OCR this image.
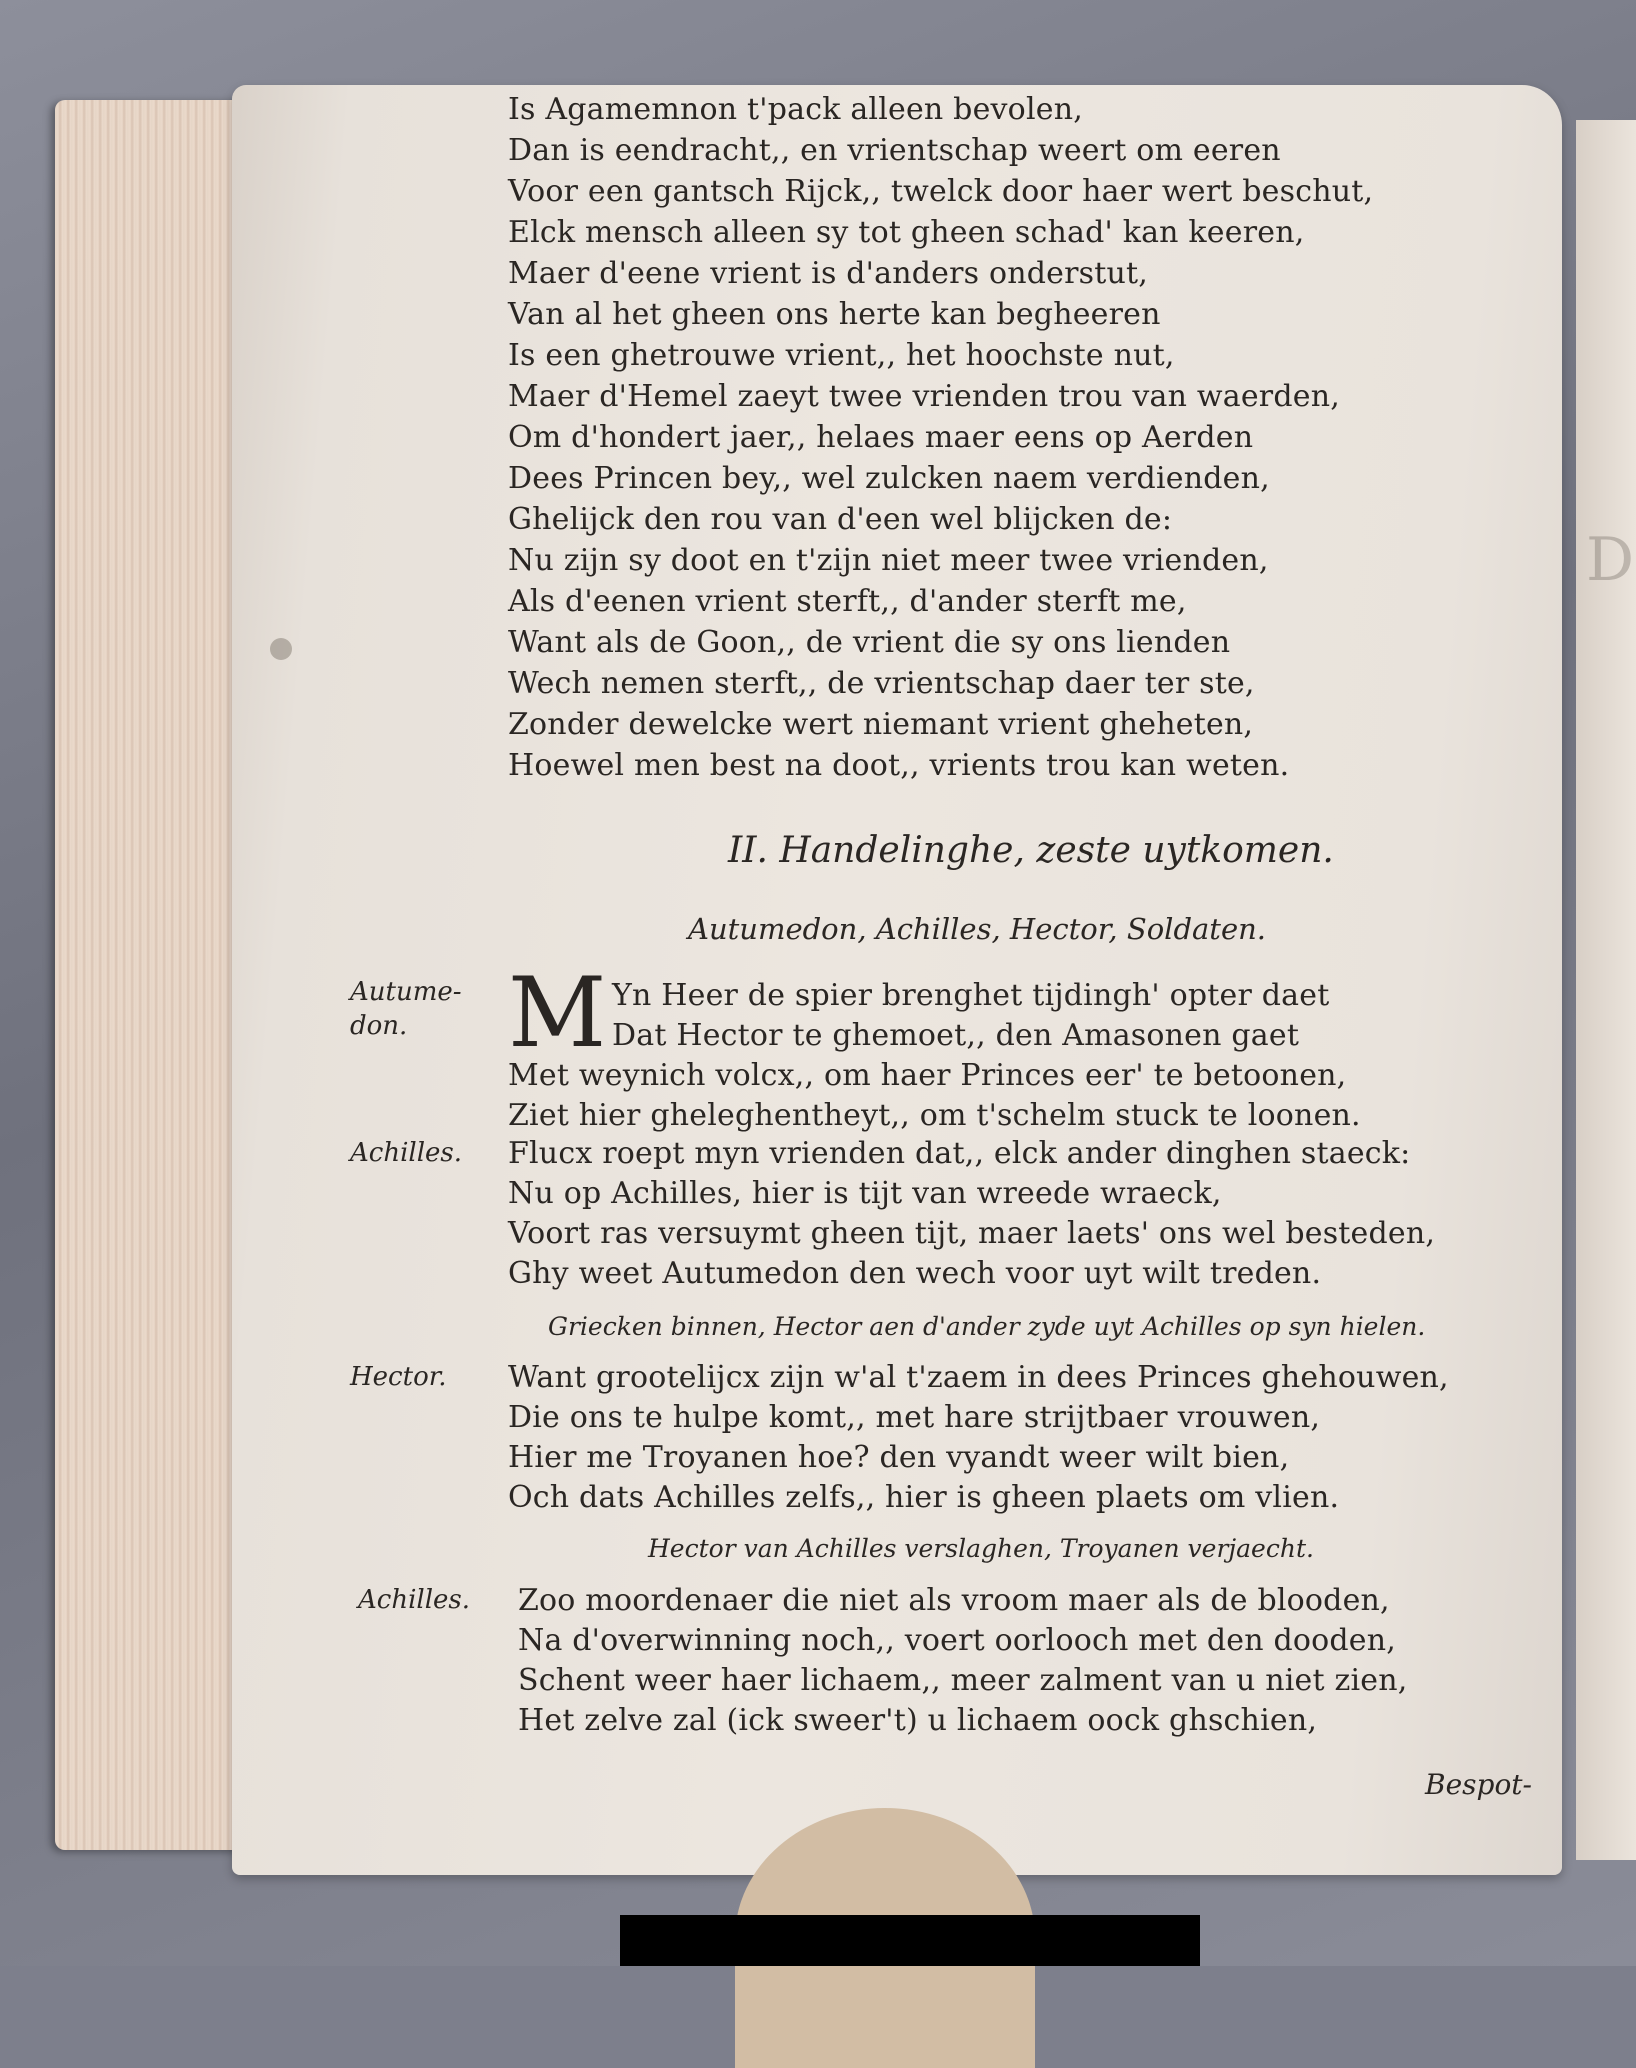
D
Is Agamemnon t'pack alleen bevolen,
Dan is eendracht,, en vrientschap weert om eeren
Voor een gantsch Rijck,, twelck door haer wert beschut,
Elck mensch alleen sy tot gheen schad' kan keeren,
Maer d'eene vrient is d'anders onderstut,
Van al het gheen ons herte kan begheeren
Is een ghetrouwe vrient,, het hoochste nut,
Maer d'Hemel zaeyt twee vrienden trou van waerden,
Om d'hondert jaer,, helaes maer eens op Aerden
Dees Princen bey,, wel zulcken naem verdienden,
Ghelijck den rou van d'een wel blijcken de:
Nu zijn sy doot en t'zijn niet meer twee vrienden,
Als d'eenen vrient sterft,, d'ander sterft me,
Want als de Goon,, de vrient die sy ons lienden
Wech nemen sterft,, de vrientschap daer ter ste,
Zonder dewelcke wert niemant vrient gheheten,
Hoewel men best na doot,, vrients trou kan weten.
II. Handelinghe, zeste uytkomen.
Autumedon, Achilles, Hector, Soldaten.
Autume-don.	M Yn Heer de spier brenghet tijdingh' opter daet
Dat Hector te ghemoet,, den Amasonen gaet
Met weynich volcx,, om haer Princes eer' te betoonen,
Ziet hier gheleghentheyt,, om t'schelm stuck te loonen.
Achilles. Flucx roept myn vrienden dat,, elck ander dinghen staeck:
Nu op Achilles, hier is tijt van wreede wraeck,
Voort ras versuymt gheen tijt, maer laets' ons wel besteden,
Ghy weet Autumedon den wech voor uyt wilt treden.
Griecken binnen, Hector aen d'ander zyde uyt Achilles op syn hielen.
Hector. Want grootelijcx zijn w'al t'zaem in dees Princes ghehouwen,
Die ons te hulpe komt,, met hare strijtbaer vrouwen,
Hier me Troyanen hoe? den vyandt weer wilt bien,
Och dats Achilles zelfs,, hier is gheen plaets om vlien.
Hector van Achilles verslaghen, Troyanen verjaecht.
Achilles. Zoo moordenaer die niet als vroom maer als de blooden,
Na d'overwinning noch,, voert oorlooch met den dooden,
Schent weer haer lichaem,, meer zalment van u niet zien,
Het zelve zal (ick sweer't) u lichaem oock ghschien,
Bespot-
